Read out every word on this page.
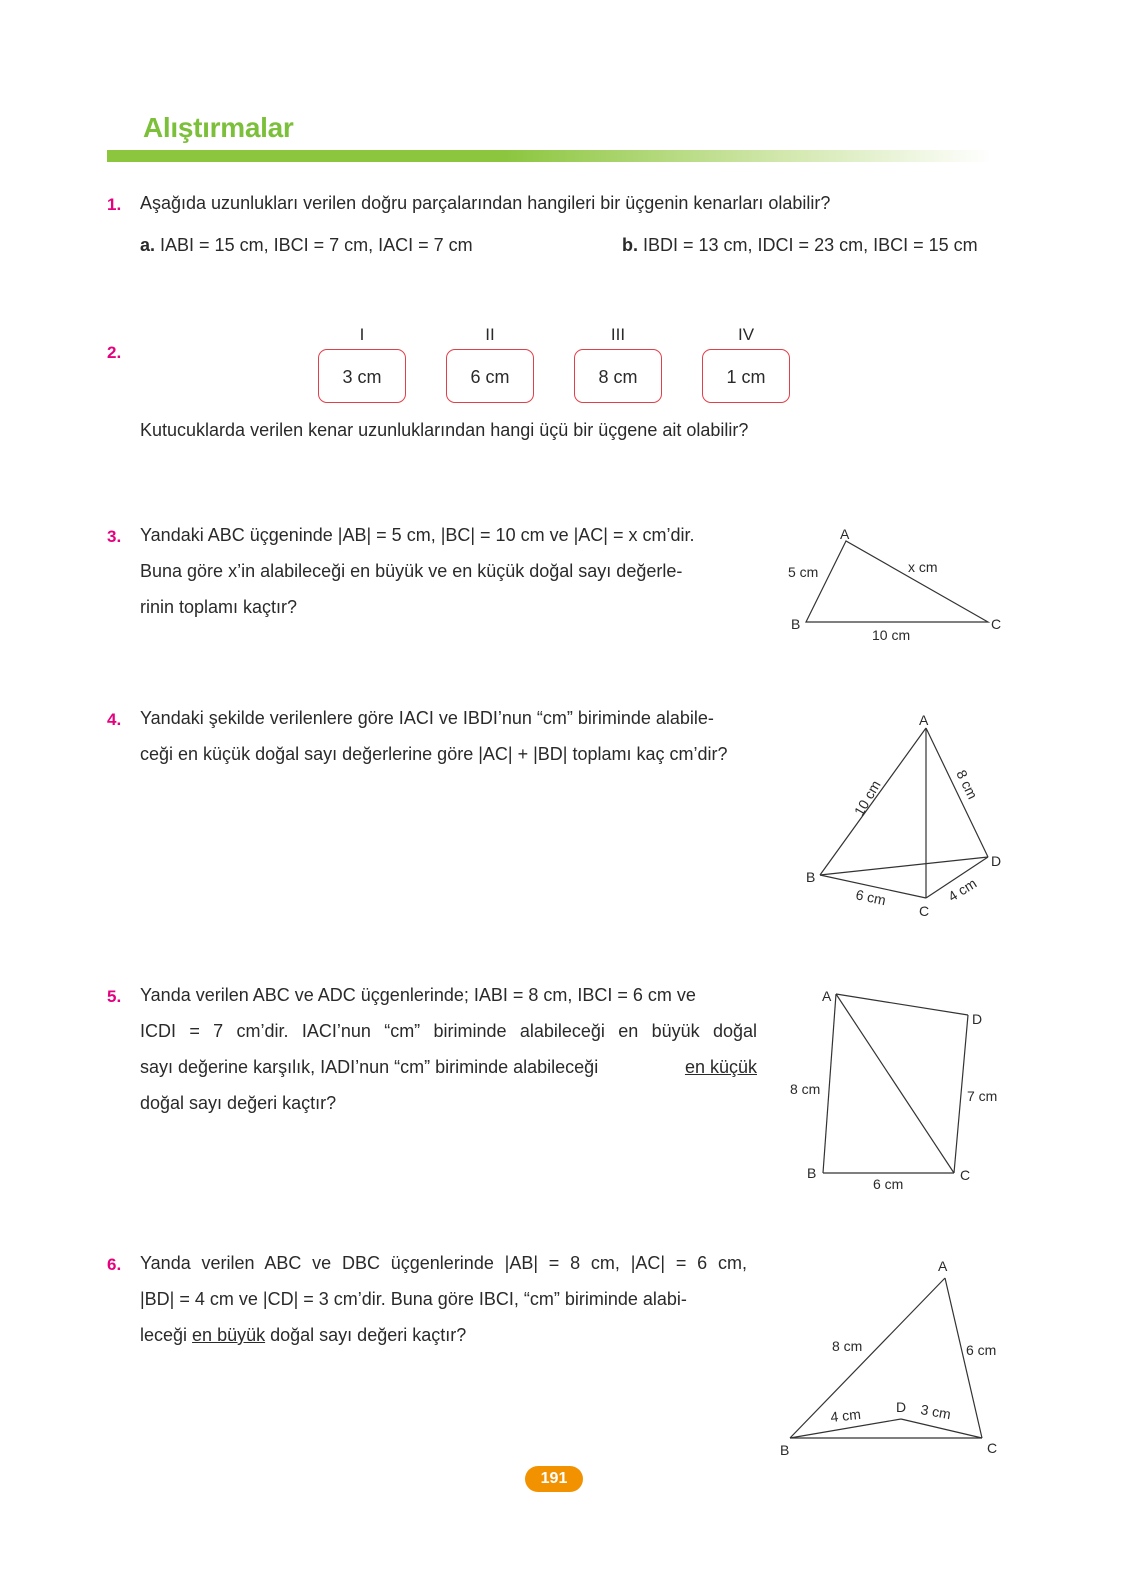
Alıştırmalar
1. Aşağıda uzunlukları verilen doğru parçalarından hangileri bir üçgenin kenarları olabilir?
a. IABI = 15 cm, IBCI = 7 cm, IACI = 7 cm	b. IBDI = 13 cm, IDCI = 23 cm, IBCI = 15 cm
2.
I	II	III	IV
3 cm	6 cm	8 cm	1 cm
Kutucuklarda verilen kenar uzunluklarından hangi üçü bir üçgene ait olabilir?
3. Yandaki ABC üçgeninde |AB| = 5 cm, |BC| = 10 cm ve |AC| = x cm’dir.
Buna göre x’in alabileceği en büyük ve en küçük doğal sayı değerle-
rinin toplamı kaçtır?
4. Yandaki şekilde verilenlere göre IACI ve IBDI’nun “cm” biriminde alabile-
ceği en küçük doğal sayı değerlerine göre |AC| + |BD| toplamı kaç cm’dir?
5. Yanda verilen ABC ve ADC üçgenlerinde; IABI = 8 cm, IBCI = 6 cm ve
ICDI = 7 cm’dir. IACI’nun “cm” biriminde alabileceği en büyük doğal
sayı değerine karşılık, IADI’nun “cm” biriminde alabileceği	en küçük
doğal sayı değeri kaçtır?
6. Yanda verilen ABC ve DBC üçgenlerinde |AB| = 8 cm, |AC| = 6 cm,
|BD| = 4 cm ve |CD| = 3 cm’dir. Buna göre IBCI, “cm” biriminde alabi-
leceği en büyük doğal sayı değeri kaçtır?
A
B	C
5 cm	x cm
10 cm
A
B
C
D
10 cm	8 cm
6 cm	4 cm
A
B	C
D
8 cm
6 cm
7 cm
A
B	C
D
8 cm	6 cm
4 cm	3 cm
191
